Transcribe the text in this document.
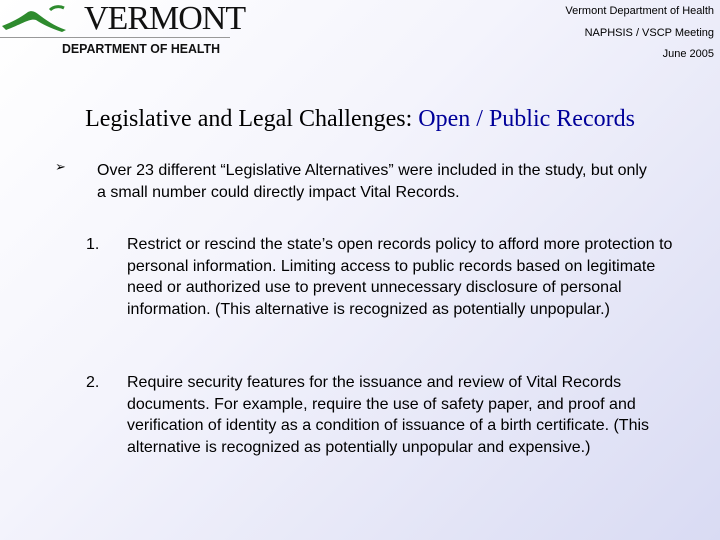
VERMONT
DEPARTMENT OF HEALTH
Vermont Department of Health
NAPHSIS / VSCP Meeting
June 2005
Legislative and Legal Challenges: Open / Public Records
➢ Over 23 different “Legislative Alternatives” were included in the study, but only a small number could directly impact Vital Records.
1. Restrict or rescind the state’s open records policy to afford more protection to personal information. Limiting access to public records based on legitimate need or authorized use to prevent unnecessary disclosure of personal information. (This alternative is recognized as potentially unpopular.)
2. Require security features for the issuance and review of Vital Records documents. For example, require the use of safety paper, and proof and verification of identity as a condition of issuance of a birth certificate. (This alternative is recognized as potentially unpopular and expensive.)
